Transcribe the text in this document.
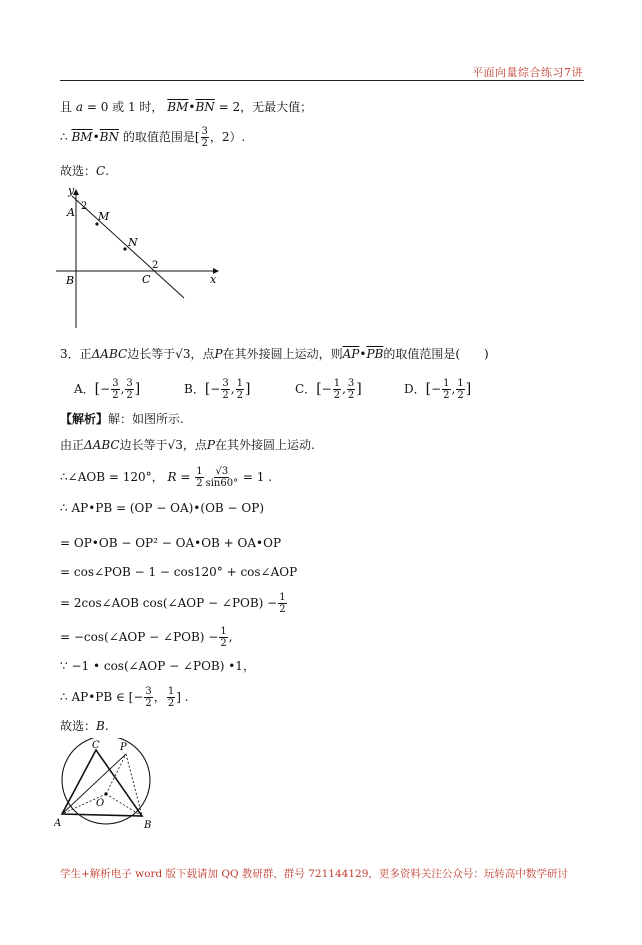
平面向量综合练习7讲
且 a = 0 或 1 时， $\overline{BM}•\overline{BN} = 2$，无最大值；
∴ $\overline{BM}•\overline{BN}$ 的取值范围是[ $\frac{3}{2}$ ，2）.
故选：C.
y
2
A M
N
2
C
B	x
3．正ΔABC边长等于√3，点P在其外接圆上运动，则$\overline{AP}•\overline{PB}$的取值范围是(　　)
A．[− $\frac{3}{2}$ , $\frac{3}{2}$ ]	B．[− $\frac{3}{2}$ , $\frac{1}{2}$ ]	C．[− $\frac{1}{2}$ , $\frac{3}{2}$ ]	D．[− $\frac{1}{2}$ , $\frac{1}{2}$ ]
【解析】解：如图所示.
由正ΔABC边长等于√3，点P在其外接圆上运动.
∴∠AOB = 120°， $R = \frac{1}{2} \frac{√3}{\sin 60^\circ} = 1$ .
∴ AP•PB = (OP − OA)•(OB − OP)
= OP•OB − OP² − OA•OB + OA•OP
= cos∠POB − 1 − cos120° + cos∠AOP
= 2cos∠AOB cos(∠AOP − ∠POB) − $\frac{1}{2}$
= −cos(∠AOP − ∠POB) − $\frac{1}{2}$ ,
∵ −1 • cos(∠AOP − ∠POB) •1，
∴ AP•PB ∈ [− $\frac{3}{2}$ ， $\frac{1}{2}$ ] .
故选：B.
C P
O
A	B
学生+解析电子 word 版下载请加 QQ 教研群，群号 721144129，更多资料关注公众号：玩转高中数学研讨
